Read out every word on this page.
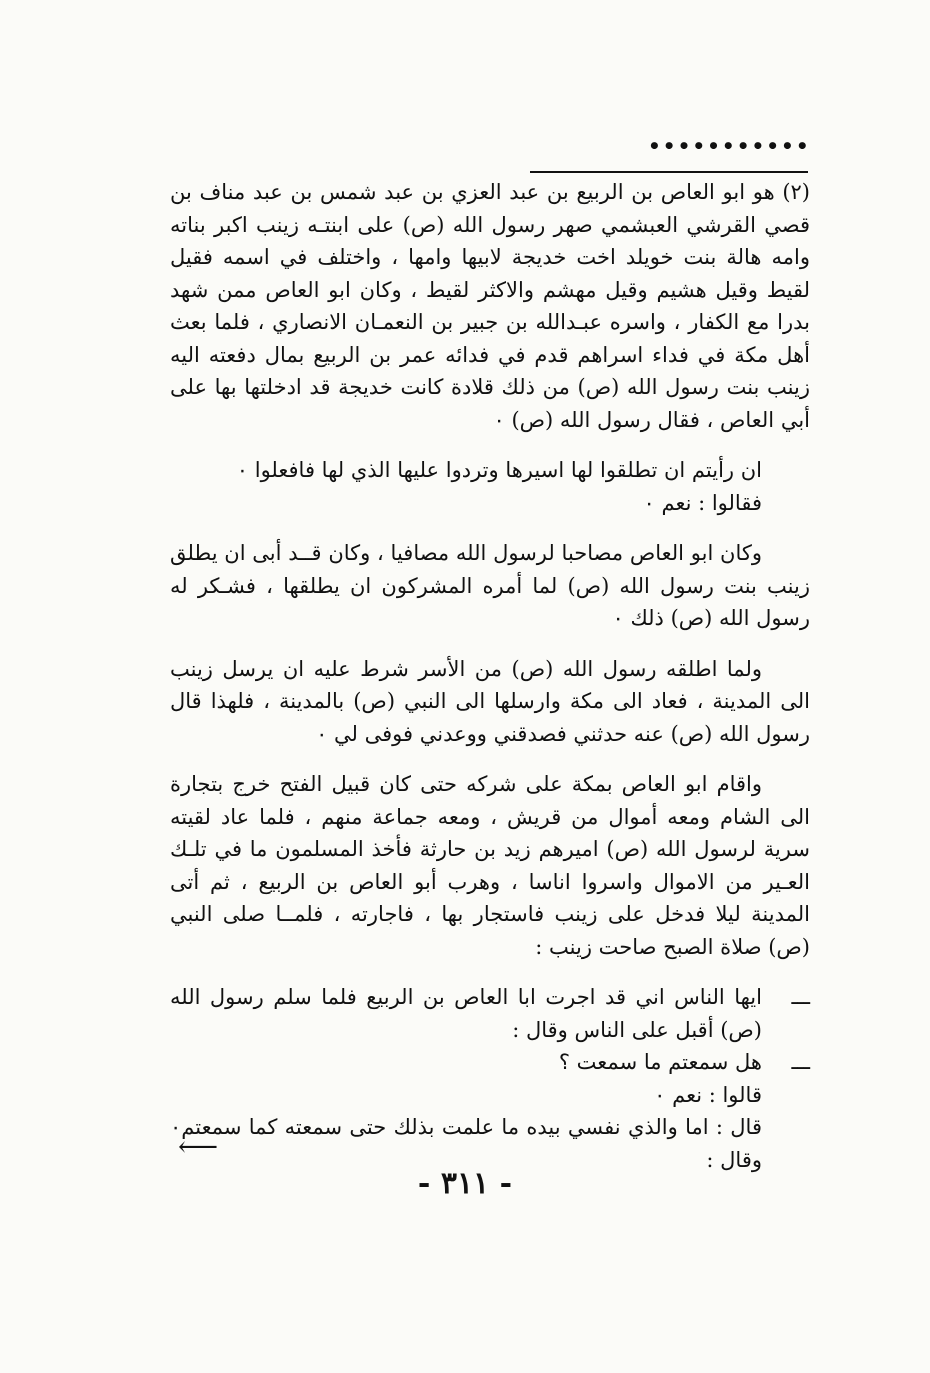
•••••••••••

(٢) هو ابو العاص بن الربيع بن عبد العزي بن عبد شمس بن عبد مناف بن قصي القرشي العبشمي صهر رسول الله (ص) على ابنتـه زينب اكبر بناته وامه هالة بنت خويلد اخت خديجة لابيها وامها ، واختلف في اسمه فقيل لقيط وقيل هشيم وقيل مهشم والاكثر لقيط ، وكان ابو العاص ممن شهد بدرا مع الكفار ، واسره عبـدالله بن جبير بن النعمـان الانصاري ، فلما بعث أهل مكة في فداء اسراهم قدم في فدائه عمر بن الربيع بمال دفعته اليه زينب بنت رسول الله (ص) من ذلك قلادة كانت خديجة قد ادخلتها بها على أبي العاص ، فقال رسول الله (ص) ٠

ان رأيتم ان تطلقوا لها اسيرها وتردوا عليها الذي لها فافعلوا ٠

فقالوا : نعم ٠

وكان ابو العاص مصاحبا لرسول الله مصافيا ، وكان قــد أبى ان يطلق زينب بنت رسول الله (ص) لما أمره المشركون ان يطلقها ، فشـكر له رسول الله (ص) ذلك ٠

ولما اطلقه رسول الله (ص) من الأسر شرط عليه ان يرسل زينب الى المدينة ، فعاد الى مكة وارسلها الى النبي (ص) بالمدينة ، فلهذا قال رسول الله (ص) عنه حدثني فصدقني ووعدني فوفى لي ٠

واقام ابو العاص بمكة على شركه حتى كان قبيل الفتح خرج بتجارة الى الشام ومعه أموال من قريش ، ومعه جماعة منهم ، فلما عاد لقيته سرية لرسول الله (ص) اميرهم زيد بن حارثة فأخذ المسلمون ما في تلـك العـير من الاموال واسروا اناسا ، وهرب أبو العاص بن الربيع ، ثم أتى المدينة ليلا فدخل على زينب فاستجار بها ، فاجارته ، فلمــا صلى النبي (ص) صلاة الصبح صاحت زينب :

ـــ
ايها الناس اني قد اجرت ابا العاص بن الربيع فلما سلم رسول الله (ص) أقبل على الناس وقال :
ـــ
هل سمعتم ما سمعت ؟
قالوا : نعم ٠

قال : اما والذي نفسي بيده ما علمت بذلك حتى سمعته كما سمعتم٠ وقال :

⟵
- ٣١١ -
